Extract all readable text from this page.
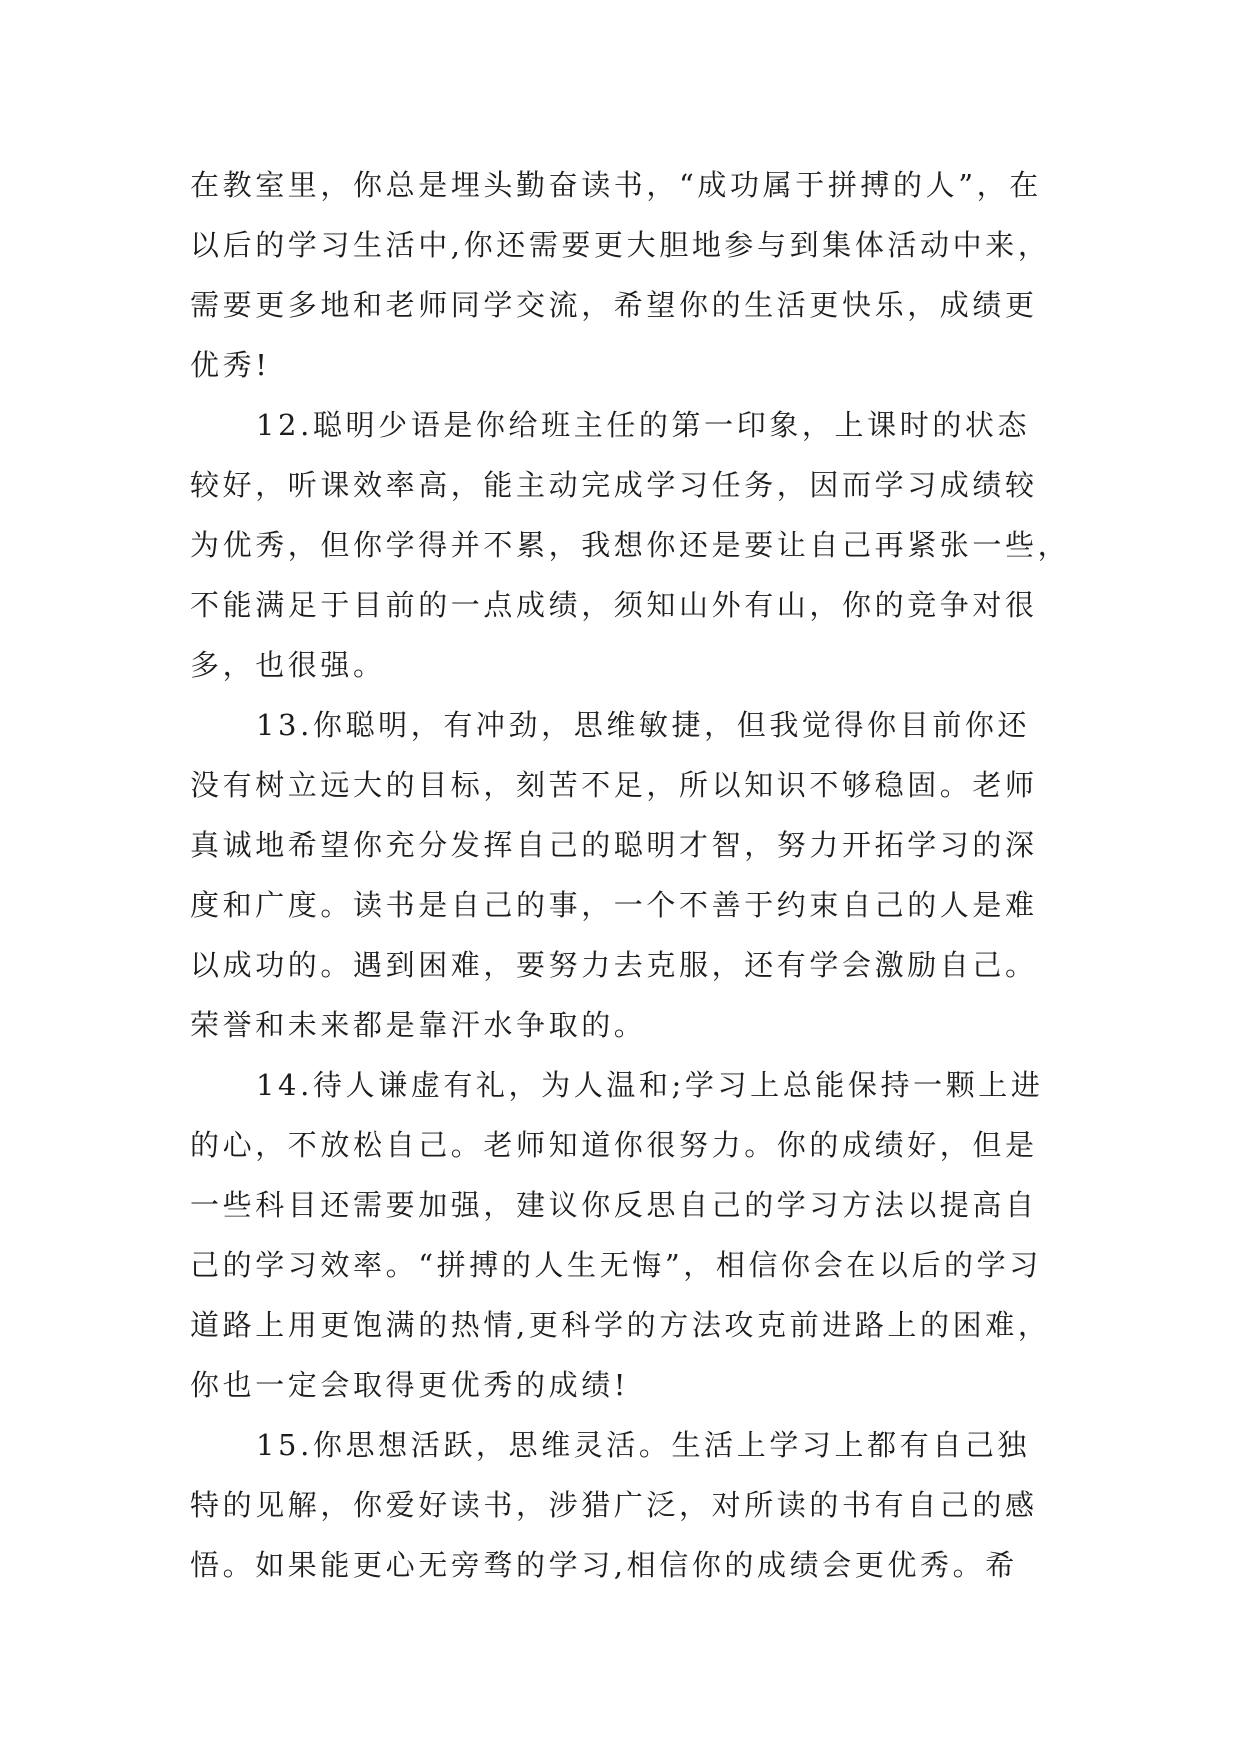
在教室里，你总是埋头勤奋读书，“成功属于拼搏的人”，在
以后的学习生活中,你还需要更大胆地参与到集体活动中来，
需要更多地和老师同学交流，希望你的生活更快乐，成绩更
优秀!
12.聪明少语是你给班主任的第一印象，上课时的状态
较好，听课效率高，能主动完成学习任务，因而学习成绩较
为优秀，但你学得并不累，我想你还是要让自己再紧张一些，
不能满足于目前的一点成绩，须知山外有山，你的竞争对很
多，也很强。
13.你聪明，有冲劲，思维敏捷，但我觉得你目前你还
没有树立远大的目标，刻苦不足，所以知识不够稳固。老师
真诚地希望你充分发挥自己的聪明才智，努力开拓学习的深
度和广度。读书是自己的事，一个不善于约束自己的人是难
以成功的。遇到困难，要努力去克服，还有学会激励自己。
荣誉和未来都是靠汗水争取的。
14.待人谦虚有礼，为人温和;学习上总能保持一颗上进
的心，不放松自己。老师知道你很努力。你的成绩好，但是
一些科目还需要加强，建议你反思自己的学习方法以提高自
己的学习效率。“拼搏的人生无悔”，相信你会在以后的学习
道路上用更饱满的热情,更科学的方法攻克前进路上的困难，
你也一定会取得更优秀的成绩!
15.你思想活跃，思维灵活。生活上学习上都有自己独
特的见解，你爱好读书，涉猎广泛，对所读的书有自己的感
悟。如果能更心无旁骛的学习,相信你的成绩会更优秀。希
